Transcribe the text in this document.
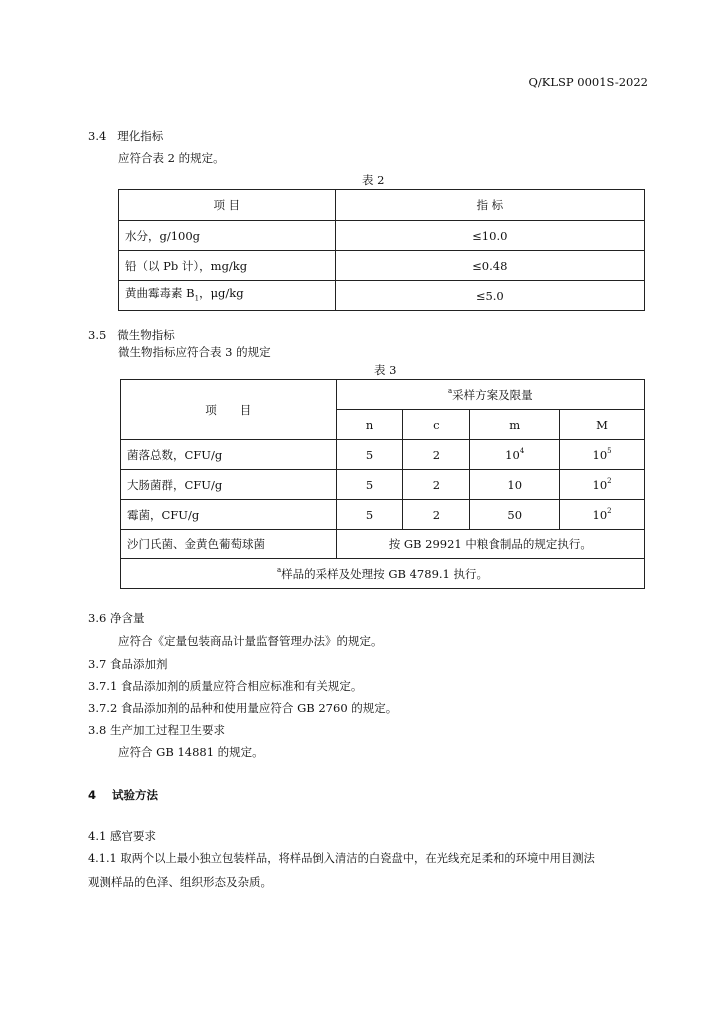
Q/KLSP 0001S-2022
3.4 理化指标
应符合表 2 的规定。
表 2
项 目	指 标
水分，g/100g	≤10.0
铅（以 Pb 计），mg/kg	≤0.48
黄曲霉毒素 $B_1$，μg/kg	≤5.0
3.5 微生物指标
微生物指标应符合表 3 的规定
表 3
项　　目	$^a$采样方案及限量			
	n	c	m	M
菌落总数，CFU/g	5	2	$10^4$	$10^5$
大肠菌群，CFU/g	5	2	10	$10^2$
霉菌，CFU/g	5	2	50	$10^2$
沙门氏菌、金黄色葡萄球菌	按 GB 29921 中粮食制品的规定执行。			
$^a$样品的采样及处理按 GB 4789.1 执行。				
3.6 净含量
应符合《定量包装商品计量监督管理办法》的规定。
3.7 食品添加剂
3.7.1 食品添加剂的质量应符合相应标准和有关规定。
3.7.2 食品添加剂的品种和使用量应符合 GB 2760 的规定。
3.8 生产加工过程卫生要求
应符合 GB 14881 的规定。
4 试验方法
4.1 感官要求
4.1.1 取两个以上最小独立包装样品，将样品倒入清洁的白瓷盘中，在光线充足柔和的环境中用目测法
观测样品的色泽、组织形态及杂质。
